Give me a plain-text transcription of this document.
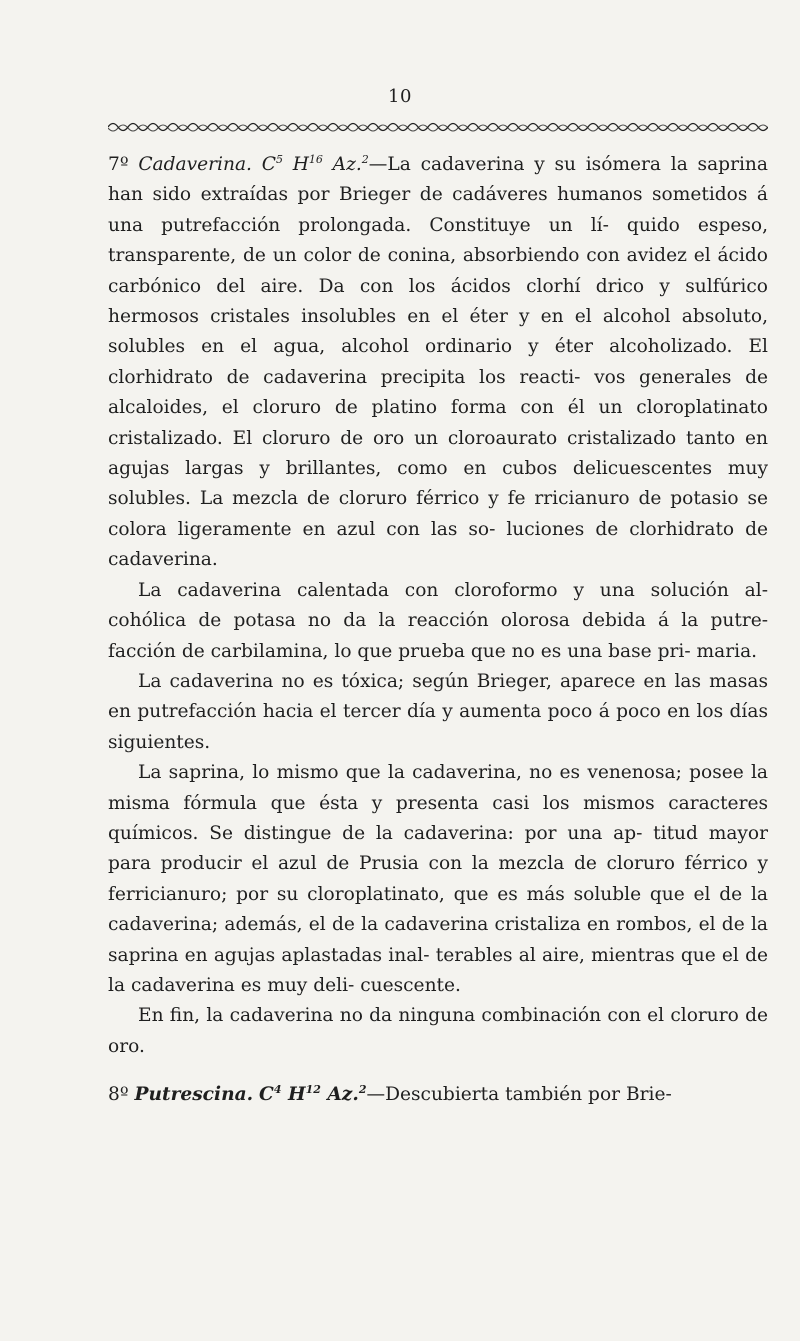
10

7º Cadaverina. $C^5$ $H^{16}$ Az.$^2$—La cadaverina y su isómera la saprina han sido extraídas por Brieger de cadáveres humanos sometidos á una putrefacción prolongada. Constituye un lí- quido espeso, transparente, de un color de conina, absorbiendo con avidez el ácido carbónico del aire. Da con los ácidos clorhí drico y sulfúrico hermosos cristales insolubles en el éter y en el alcohol absoluto, solubles en el agua, alcohol ordinario y éter alcoholizado. El clorhidrato de cadaverina precipita los reacti- vos generales de alcaloides, el cloruro de platino forma con él un cloroplatinato cristalizado. El cloruro de oro un cloroaurato cristalizado tanto en agujas largas y brillantes, como en cubos delicuescentes muy solubles. La mezcla de cloruro férrico y fe rricianuro de potasio se colora ligeramente en azul con las so- luciones de clorhidrato de cadaverina.

La cadaverina calentada con cloroformo y una solución al- cohólica de potasa no da la reacción olorosa debida á la putre- facción de carbilamina, lo que prueba que no es una base pri- maria.

La cadaverina no es tóxica; según Brieger, aparece en las masas en putrefacción hacia el tercer día y aumenta poco á poco en los días siguientes.

La saprina, lo mismo que la cadaverina, no es venenosa; posee la misma fórmula que ésta y presenta casi los mismos caracteres químicos. Se distingue de la cadaverina: por una ap- titud mayor para producir el azul de Prusia con la mezcla de cloruro férrico y ferricianuro; por su cloroplatinato, que es más soluble que el de la cadaverina; además, el de la cadaverina cristaliza en rombos, el de la saprina en agujas aplastadas inal- terables al aire, mientras que el de la cadaverina es muy deli- cuescente.

En fin, la cadaverina no da ninguna combinación con el cloruro de oro.

8º Putrescina. $C^4$ $H^{12}$ Az.$^2$—Descubierta también por Brie-
